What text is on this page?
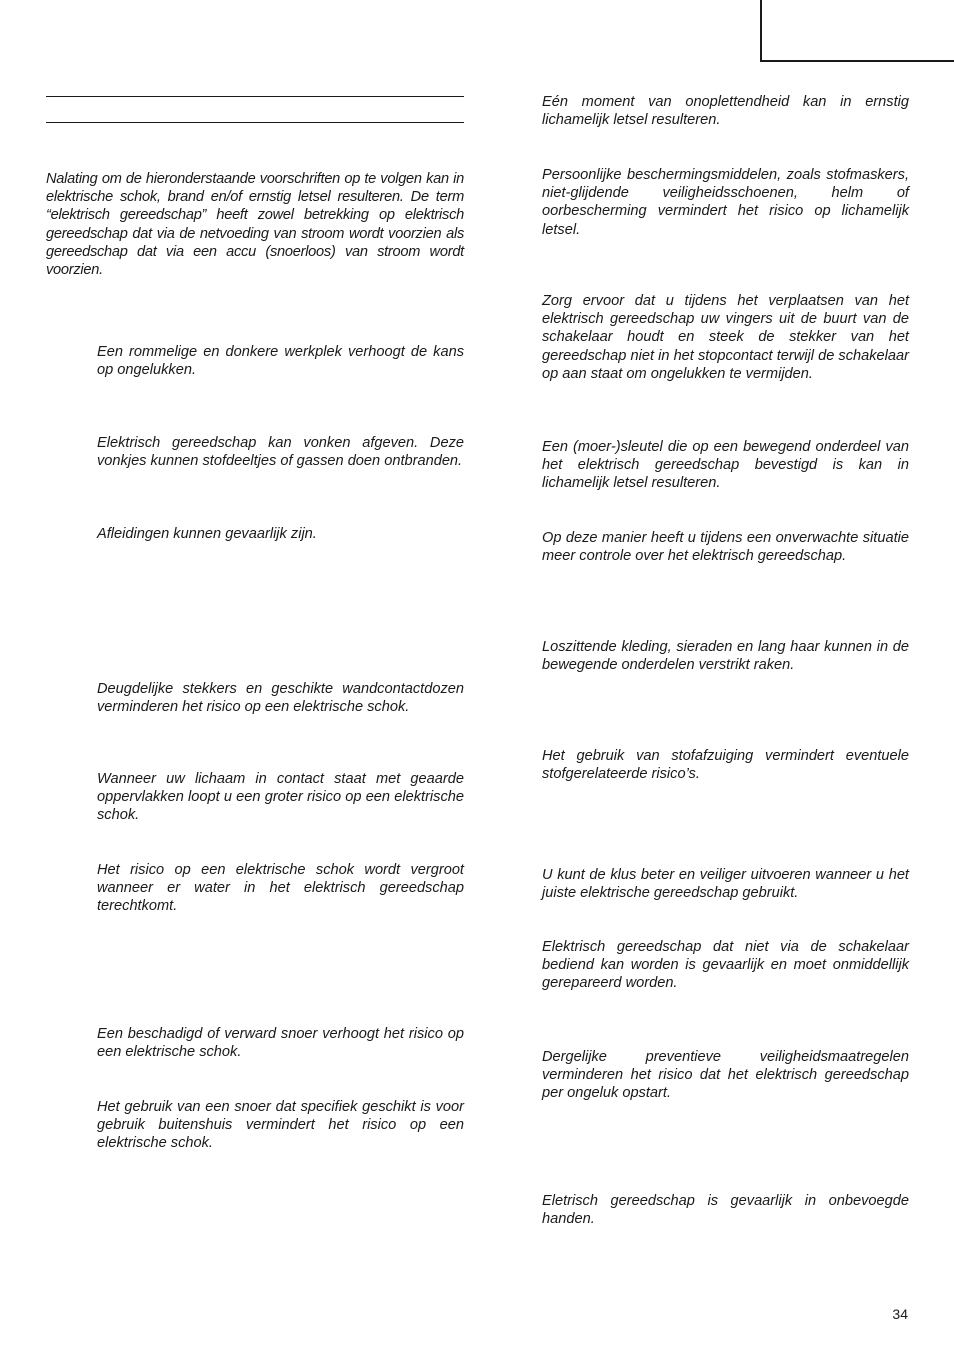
Nalating om de hieronderstaande voorschriften op te volgen kan in elektrische schok, brand en/of ernstig letsel resulteren. De term “elektrisch gereedschap” heeft zowel betrekking op elektrisch gereedschap dat via de netvoeding van stroom wordt voorzien als gereedschap dat via een accu (snoerloos) van stroom wordt voorzien.

Een rommelige en donkere werkplek verhoogt de kans op ongelukken.

Elektrisch gereedschap kan vonken afgeven. Deze vonkjes kunnen stofdeeltjes of gassen doen ontbranden.

Afleidingen kunnen gevaarlijk zijn.

Deugdelijke stekkers en geschikte wandcontactdozen verminderen het risico op een elektrische schok.

Wanneer uw lichaam in contact staat met geaarde oppervlakken loopt u een groter risico op een elektrische schok.

Het risico op een elektrische schok wordt vergroot wanneer er water in het elektrisch gereedschap terechtkomt.

Een beschadigd of verward snoer verhoogt het risico op een elektrische schok.

Het gebruik van een snoer dat specifiek geschikt is voor gebruik buitenshuis vermindert het risico op een elektrische schok.

Eén moment van onoplettendheid kan in ernstig lichamelijk letsel resulteren.

Persoonlijke beschermingsmiddelen, zoals stofmaskers, niet-glijdende veiligheidsschoenen, helm of oorbescherming vermindert het risico op lichamelijk letsel.

Zorg ervoor dat u tijdens het verplaatsen van het elektrisch gereedschap uw vingers uit de buurt van de schakelaar houdt en steek de stekker van het gereedschap niet in het stopcontact terwijl de schakelaar op aan staat om ongelukken te vermijden.

Een (moer-)sleutel die op een bewegend onderdeel van het elektrisch gereedschap bevestigd is kan in lichamelijk letsel resulteren.

Op deze manier heeft u tijdens een onverwachte situatie meer controle over het elektrisch gereedschap.

Loszittende kleding, sieraden en lang haar kunnen in de bewegende onderdelen verstrikt raken.

Het gebruik van stofafzuiging vermindert eventuele stofgerelateerde risico’s.

U kunt de klus beter en veiliger uitvoeren wanneer u het juiste elektrische gereedschap gebruikt.

Elektrisch gereedschap dat niet via de schakelaar bediend kan worden is gevaarlijk en moet onmiddellijk gerepareerd worden.

Dergelijke preventieve veiligheidsmaatregelen verminderen het risico dat het elektrisch gereedschap per ongeluk opstart.

Eletrisch gereedschap is gevaarlijk in onbevoegde handen.

34
